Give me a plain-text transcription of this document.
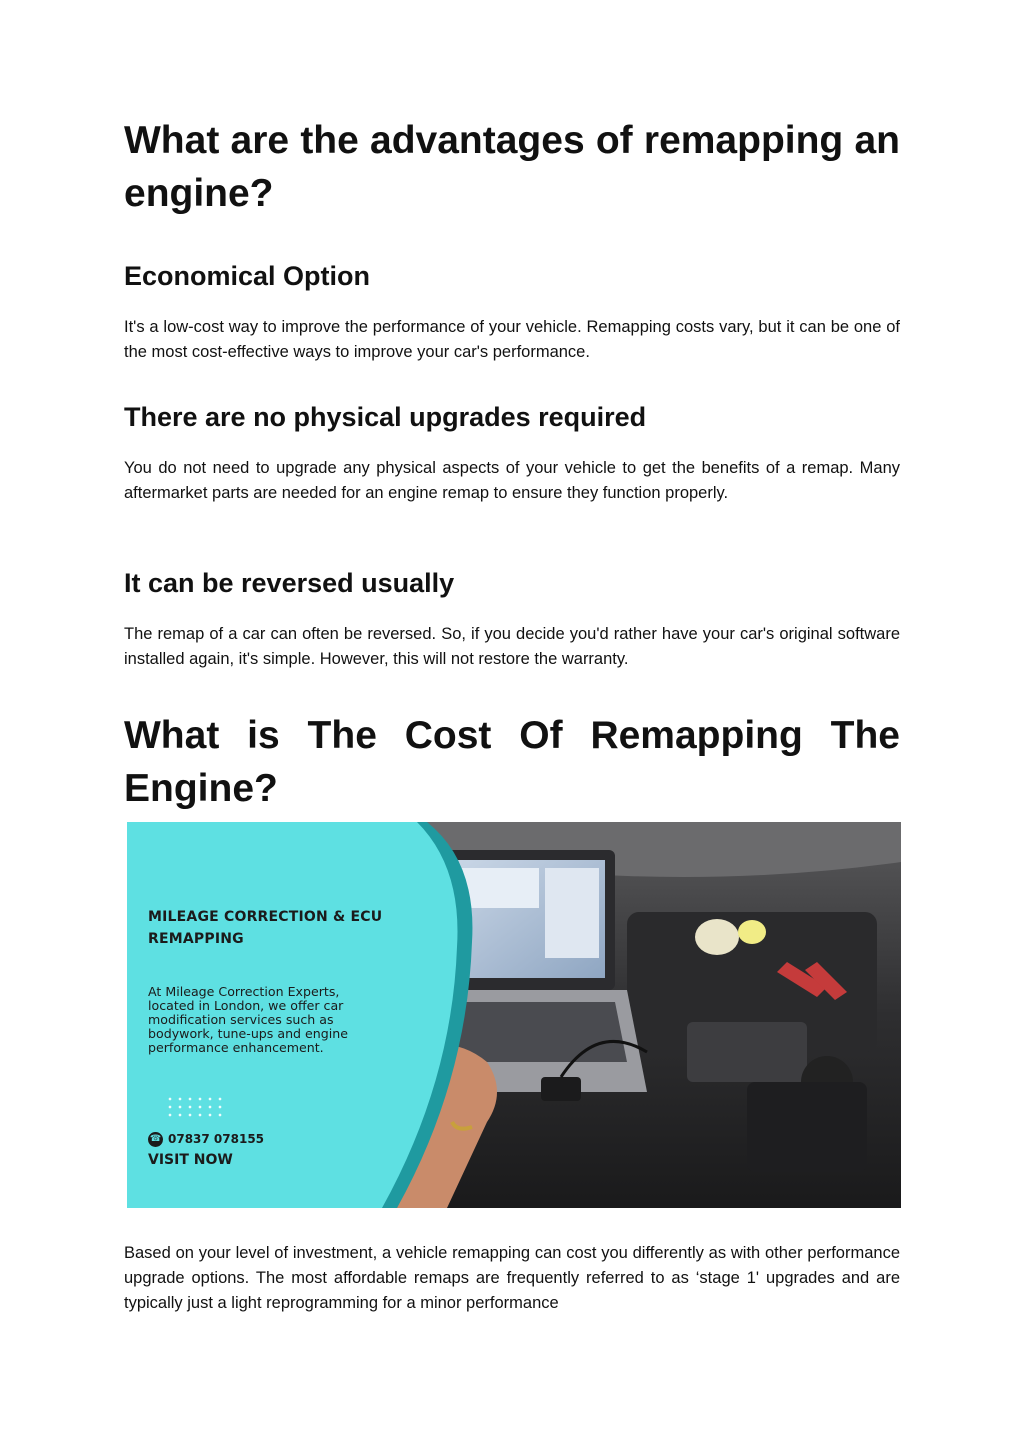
What are the advantages of remapping an engine?
Economical Option

It's a low-cost way to improve the performance of your vehicle. Remapping costs vary, but it can be one of the most cost-effective ways to improve your car's performance.

There are no physical upgrades required

You do not need to upgrade any physical aspects of your vehicle to get the benefits of a remap. Many aftermarket parts are needed for an engine remap to ensure they function properly.

It can be reversed usually

The remap of a car can often be reversed. So, if you decide you'd rather have your car's original software installed again, it's simple. However, this will not restore the warranty.

What is The Cost Of Remapping The Engine?

Based on your level of investment, a vehicle remapping can cost you differently as with other performance upgrade options. The most affordable remaps are frequently referred to as ‘stage 1' upgrades and are typically just a light reprogramming for a minor performance

MILEAGE CORRECTION & ECU REMAPPING
At Mileage Correction Experts, located in London, we offer car modification services such as bodywork, tune-ups and engine performance enhancement.
☎ 07837 078155
VISIT NOW
